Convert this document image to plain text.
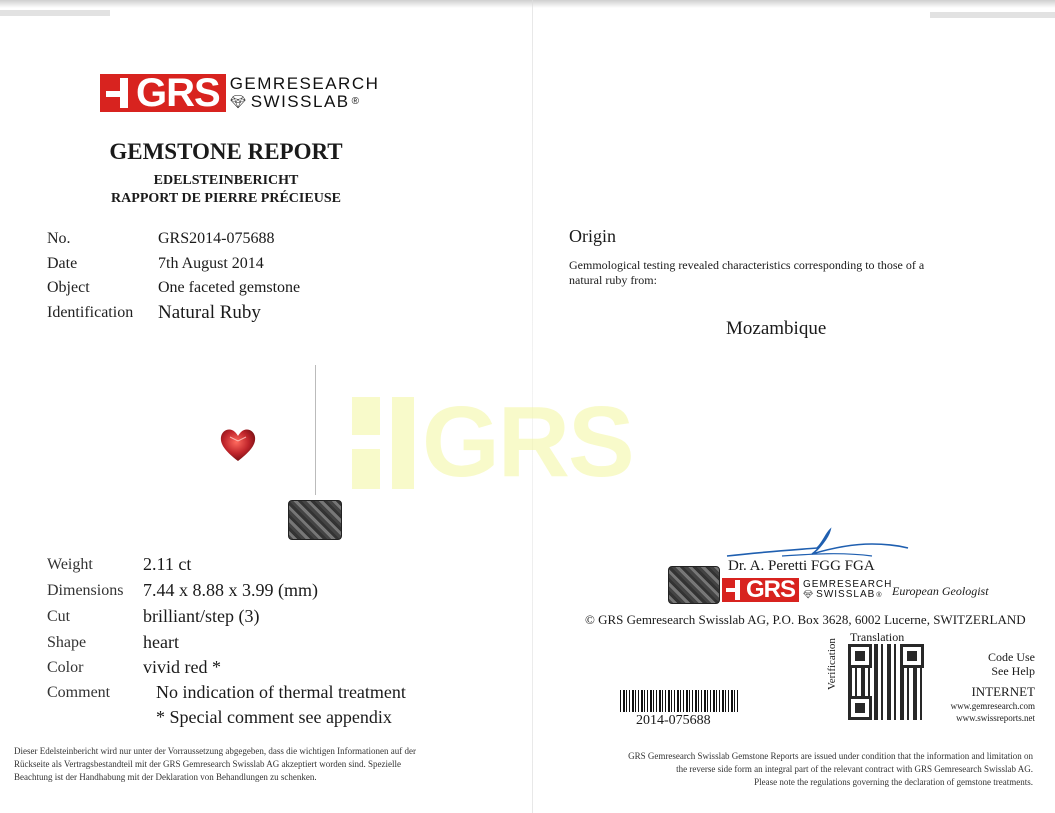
GRS
GRS GEMRESEARCH
💎︎ SWISSLAB ®
GEMSTONE REPORT
EDELSTEINBERICHT
RAPPORT DE PIERRE PRÉCIEUSE
No.	GRS2014-075688
Date	7th August 2014
Object	One faceted gemstone
Identification Natural Ruby
Weight	2.11 ct
Dimensions 7.44 x 8.88 x 3.99 (mm)
Cut	brilliant/step (3)
Shape	heart
Color	vivid red *
Comment	No indication of thermal treatment
* Special comment see appendix
Dieser Edelsteinbericht wird nur unter der Vorraussetzung abgegeben, dass die wichtigen Informationen auf der
Rückseite als Vertragsbestandteil mit der GRS Gemresearch Swisslab AG akzeptiert worden sind. Spezielle
Beachtung ist der Handhabung mit der Deklaration von Behandlungen zu schenken.
Origin
Gemmological testing revealed characteristics corresponding to those of a natural ruby from:
Mozambique
Dr. A. Peretti FGG FGA
GRS GEMRESEARCH
💎︎ SWISSLAB ® European Geologist
© GRS Gemresearch Swisslab AG, P.O. Box 3628, 6002 Lucerne, SWITZERLAND
Translation
Verification	Code Use
See Help
INTERNET
www.gemresearch.com
www.swissreports.net
2014-075688
GRS Gemresearch Swisslab Gemstone Reports are issued under condition that the information and limitation on
the reverse side form an integral part of the relevant contract with GRS Gemresearch Swisslab AG.
Please note the regulations governing the declaration of gemstone treatments.
